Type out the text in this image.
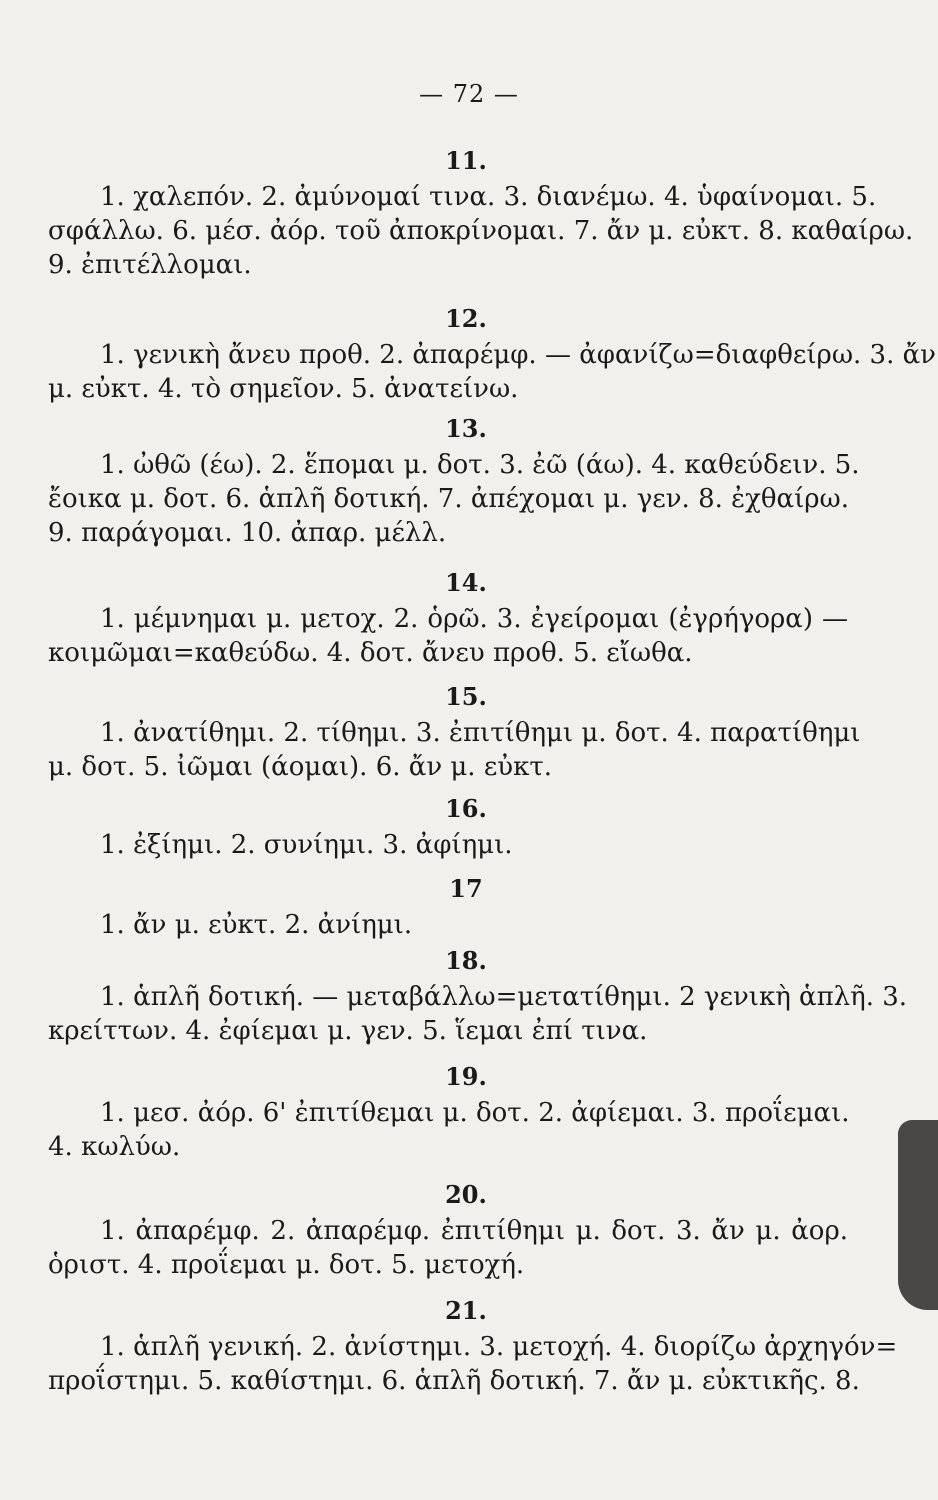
— 72 —
11.
1. χαλεπόν. 2. ἀμύνομαί τινα. 3. διανέμω. 4. ὑφαίνομαι. 5.
σφάλλω. 6. μέσ. ἀόρ. τοῦ ἀποκρίνομαι. 7. ἄν μ. εὐκτ. 8. καθαίρω.
9. ἐπιτέλλομαι.
12.
1. γενικὴ ἄνευ προθ. 2. ἀπαρέμφ. — ἀφανίζω=διαφθείρω. 3. ἄν
μ. εὐκτ. 4. τὸ σημεῖον. 5. ἀνατείνω.
13.
1. ὠθῶ (έω). 2. ἕπομαι μ. δοτ. 3. ἐῶ (άω). 4. καθεύδειν. 5.
ἔοικα μ. δοτ. 6. ἁπλῆ δοτική. 7. ἀπέχομαι μ. γεν. 8. ἐχθαίρω.
9. παράγομαι. 10. ἀπαρ. μέλλ.
14.
1. μέμνημαι μ. μετοχ. 2. ὁρῶ. 3. ἐγείρομαι (ἐγρήγορα) —
κοιμῶμαι=καθεύδω. 4. δοτ. ἄνευ προθ. 5. εἴωθα.
15.
1. ἀνατίθημι. 2. τίθημι. 3. ἐπιτίθημι μ. δοτ. 4. παρατίθημι
μ. δοτ. 5. ἰῶμαι (άομαι). 6. ἄν μ. εὐκτ.
16.
1. ἐξίημι. 2. συνίημι. 3. ἀφίημι.
17
1. ἄν μ. εὐκτ. 2. ἀνίημι.
18.
1. ἁπλῆ δοτική. — μεταβάλλω=μετατίθημι. 2 γενικὴ ἁπλῆ. 3.
κρείττων. 4. ἐφίεμαι μ. γεν. 5. ἵεμαι ἐπί τινα.
19.
1. μεσ. ἀόρ. 6' ἐπιτίθεμαι μ. δοτ. 2. ἀφίεμαι. 3. προΐεμαι.
4. κωλύω.
20.
1. ἀπαρέμφ. 2. ἀπαρέμφ. ἐπιτίθημι μ. δοτ. 3. ἄν μ. ἀορ.
ὁριστ. 4. προΐεμαι μ. δοτ. 5. μετοχή.
21.
1. ἁπλῆ γενική. 2. ἀνίστημι. 3. μετοχή. 4. διορίζω ἀρχηγόν=
προΐστημι. 5. καθίστημι. 6. ἁπλῆ δοτική. 7. ἄν μ. εὐκτικῆς. 8.
